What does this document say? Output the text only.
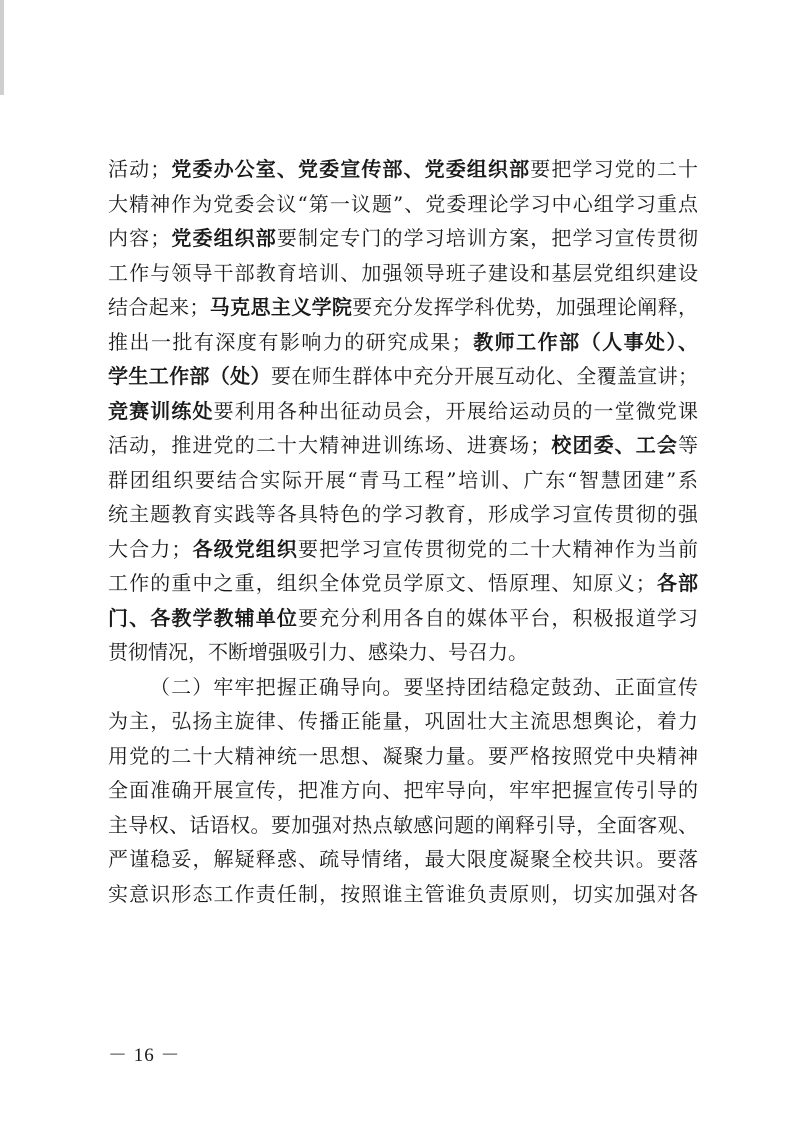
活动；党委办公室、党委宣传部、党委组织部要把学习党的二十
大精神作为党委会议“第一议题”、党委理论学习中心组学习重点
内容；党委组织部要制定专门的学习培训方案，把学习宣传贯彻
工作与领导干部教育培训、加强领导班子建设和基层党组织建设
结合起来；马克思主义学院要充分发挥学科优势，加强理论阐释，
推出一批有深度有影响力的研究成果；教师工作部（人事处）、
学生工作部（处）要在师生群体中充分开展互动化、全覆盖宣讲；
竞赛训练处要利用各种出征动员会，开展给运动员的一堂微党课
活动，推进党的二十大精神进训练场、进赛场；校团委、工会等
群团组织要结合实际开展“青马工程”培训、广东“智慧团建”系
统主题教育实践等各具特色的学习教育，形成学习宣传贯彻的强
大合力；各级党组织要把学习宣传贯彻党的二十大精神作为当前
工作的重中之重，组织全体党员学原文、悟原理、知原义；各部
门、各教学教辅单位要充分利用各自的媒体平台，积极报道学习
贯彻情况，不断增强吸引力、感染力、号召力。
（二）牢牢把握正确导向。要坚持团结稳定鼓劲、正面宣传
为主，弘扬主旋律、传播正能量，巩固壮大主流思想舆论，着力
用党的二十大精神统一思想、凝聚力量。要严格按照党中央精神
全面准确开展宣传，把准方向、把牢导向，牢牢把握宣传引导的
主导权、话语权。要加强对热点敏感问题的阐释引导，全面客观、
严谨稳妥，解疑释惑、疏导情绪，最大限度凝聚全校共识。要落
实意识形态工作责任制，按照谁主管谁负责原则，切实加强对各
－ 16 －
